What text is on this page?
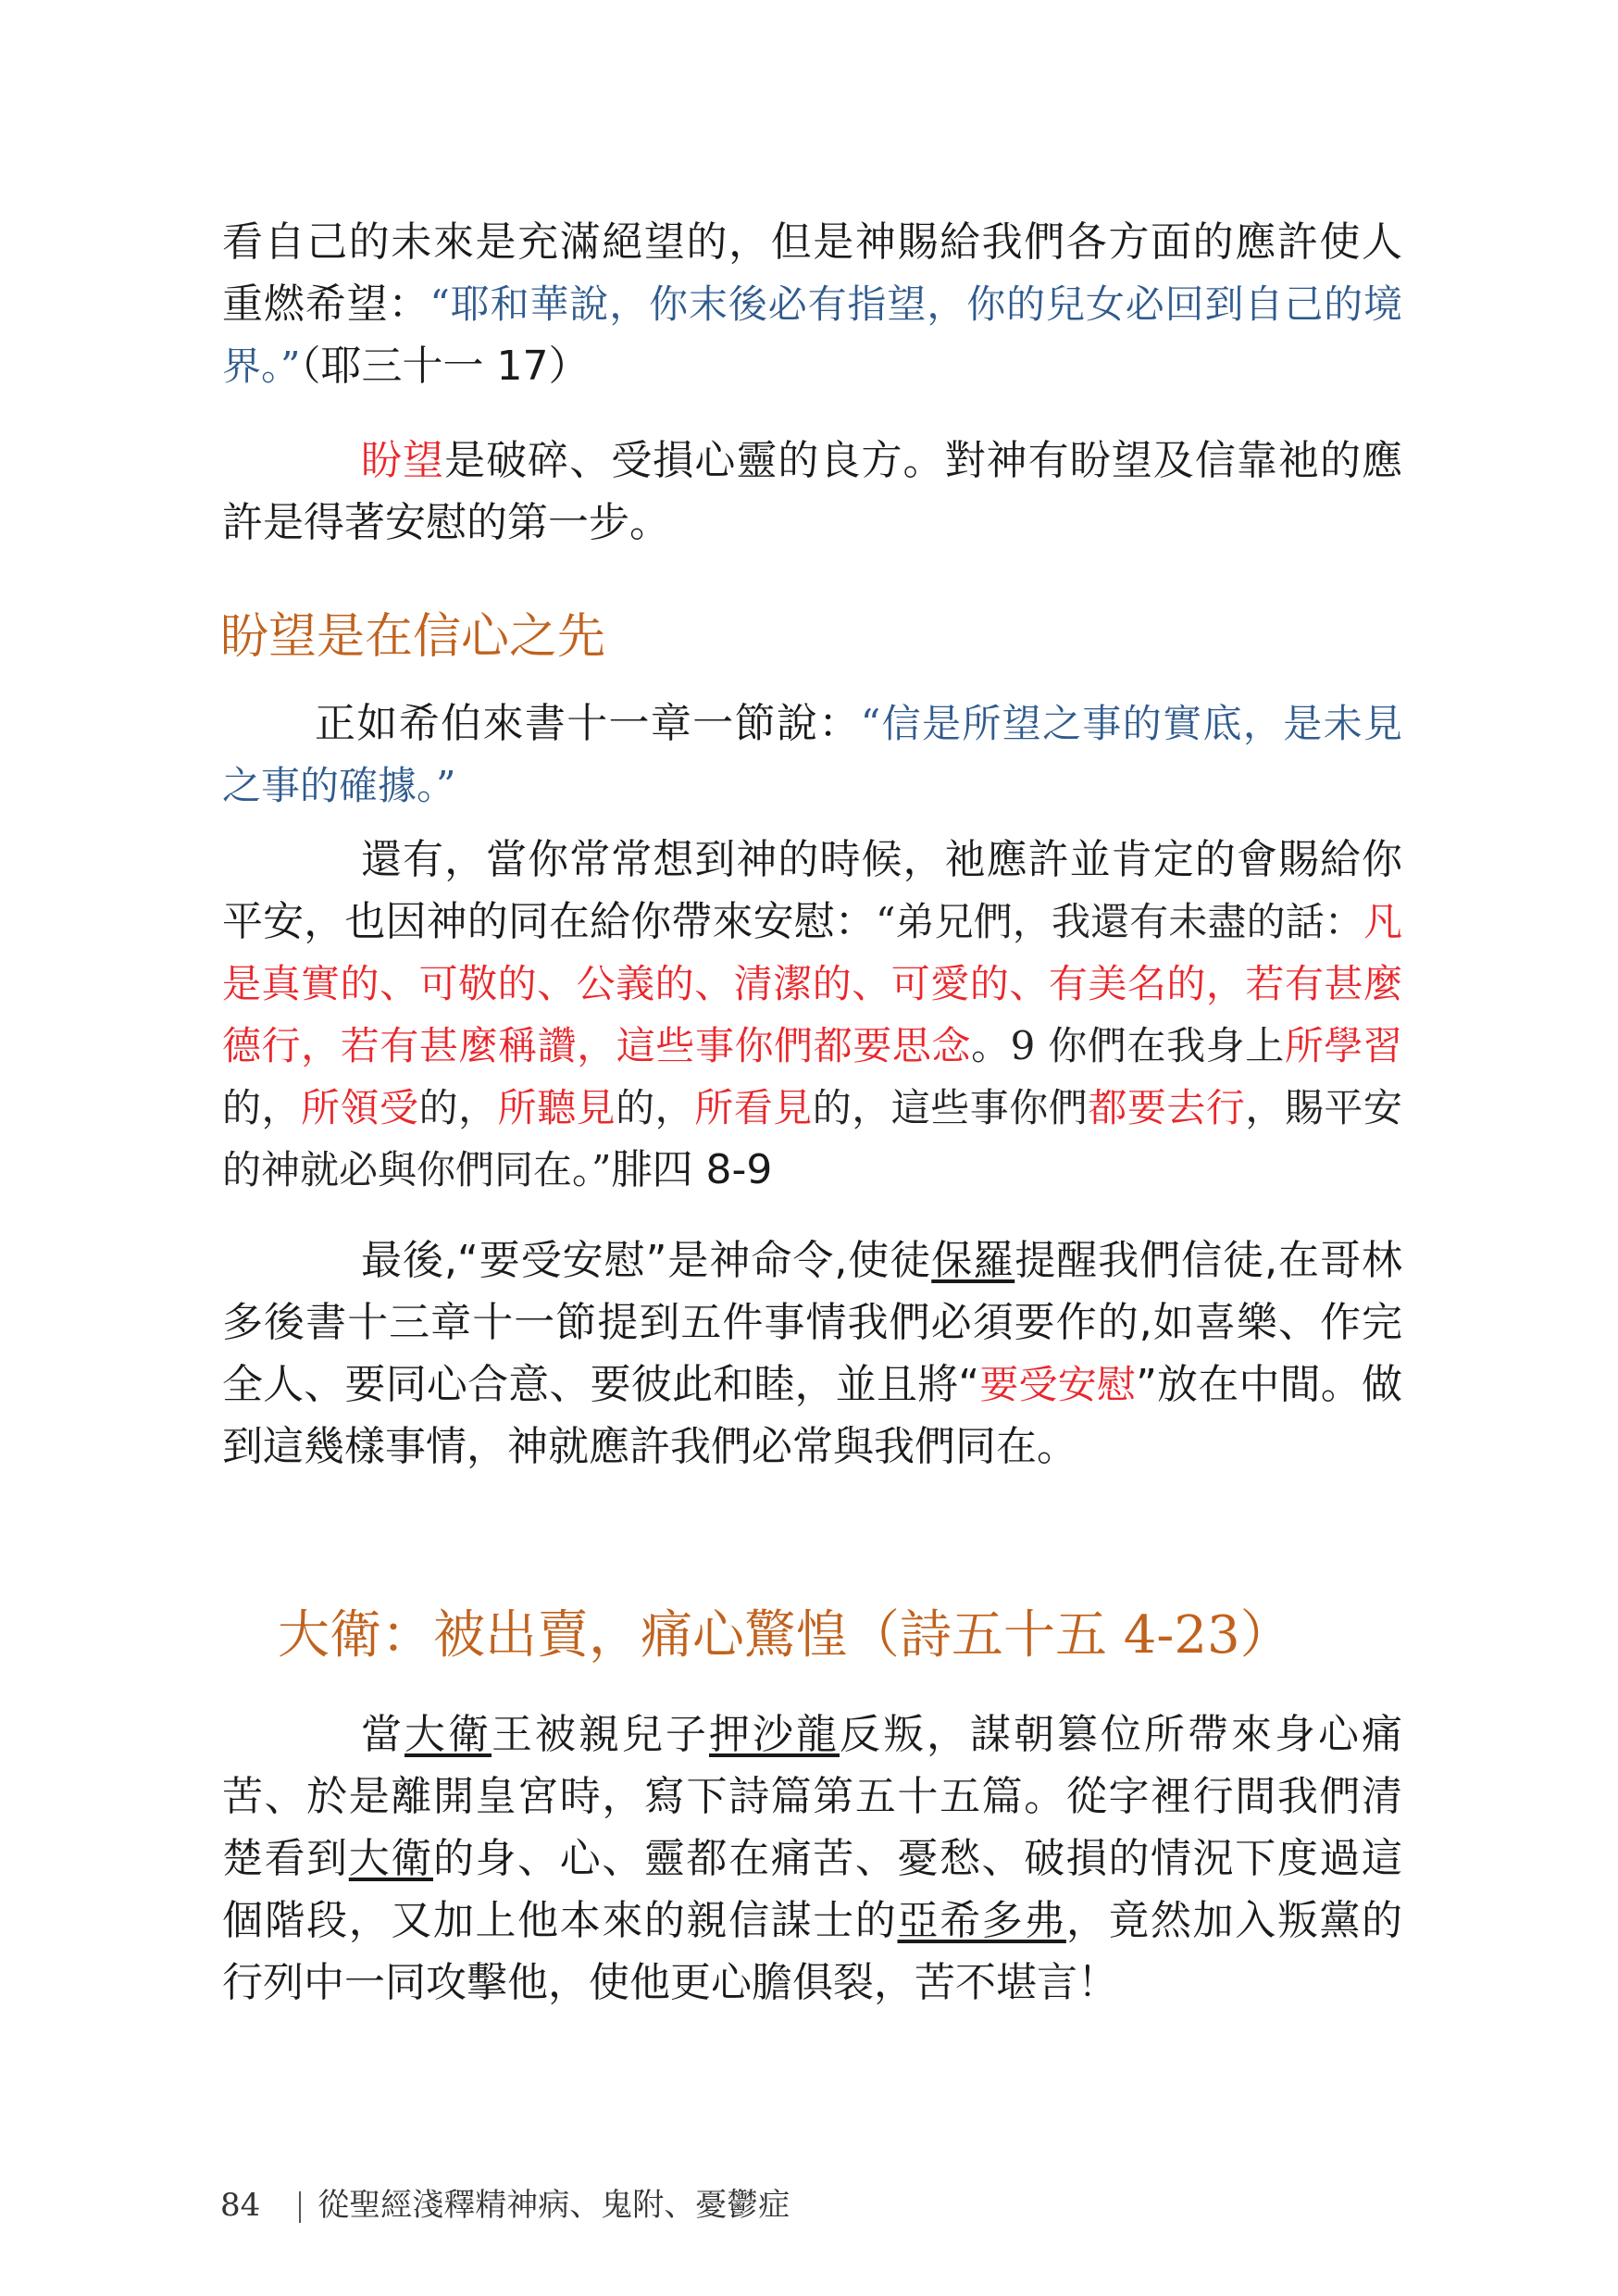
看自己的未來是充滿絕望的，但是神賜給我們各方面的應許使人重燃希望：“耶和華說，你末後必有指望，你的兒女必回到自己的境界。”（耶三十一 17）

盼望是破碎、受損心靈的良方。對神有盼望及信靠祂的應許是得著安慰的第一步。

盼望是在信心之先

正如希伯來書十一章一節說：“信是所望之事的實底，是未見之事的確據。”

還有，當你常常想到神的時候，祂應許並肯定的會賜給你平安，也因神的同在給你帶來安慰：“弟兄們，我還有未盡的話：凡是真實的、可敬的、公義的、清潔的、可愛的、有美名的，若有甚麼德行，若有甚麼稱讚，這些事你們都要思念。9 你們在我身上所學習的，所領受的，所聽見的，所看見的，這些事你們都要去行，賜平安的神就必與你們同在。”腓四 8-9

最後,“要受安慰”是神命令,使徒保羅提醒我們信徒,在哥林多後書十三章十一節提到五件事情我們必須要作的,如喜樂、作完全人、要同心合意、要彼此和睦，並且將“要受安慰”放在中間。做到這幾樣事情，神就應許我們必常與我們同在。

大衛：被出賣，痛心驚惶（詩五十五 4-23）

當大衛王被親兒子押沙龍反叛，謀朝篡位所帶來身心痛苦、於是離開皇宮時，寫下詩篇第五十五篇。從字裡行間我們清楚看到大衛的身、心、靈都在痛苦、憂愁、破損的情況下度過這個階段，又加上他本來的親信謀士的亞希多弗，竟然加入叛黨的行列中一同攻擊他，使他更心膽俱裂，苦不堪言！

84 從聖經淺釋精神病、鬼附、憂鬱症
